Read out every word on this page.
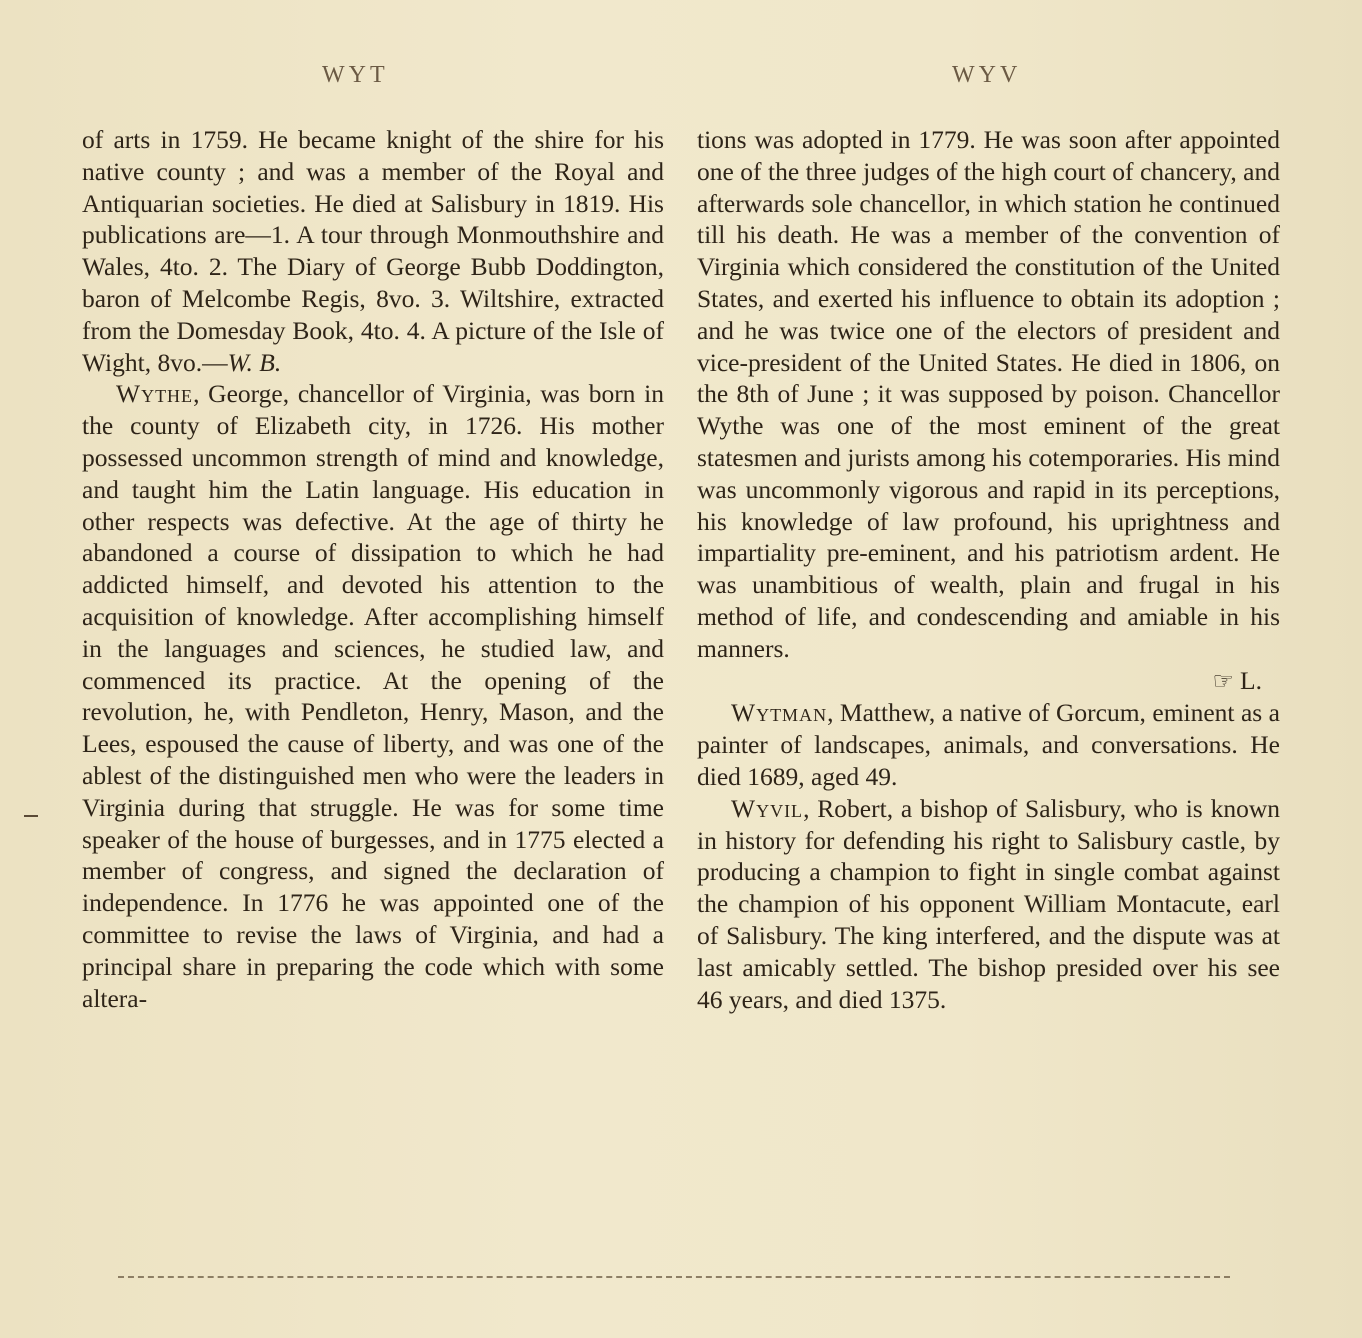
WYT	WYV

of arts in 1759. He became knight of the shire for his native county ; and was a member of the Royal and Antiquarian societies. He died at Salisbury in 1819. His publications are—1. A tour through Monmouthshire and Wales, 4to. 2. The Diary of George Bubb Doddington, baron of Melcombe Regis, 8vo. 3. Wiltshire, extracted from the Domesday Book, 4to. 4. A picture of the Isle of Wight, 8vo.—W. B.

Wythe, George, chancellor of Virginia, was born in the county of Elizabeth city, in 1726. His mother possessed uncommon strength of mind and knowledge, and taught him the Latin language. His education in other respects was defective. At the age of thirty he abandoned a course of dissipation to which he had addicted himself, and devoted his attention to the acquisition of knowledge. After accomplishing himself in the languages and sciences, he studied law, and commenced its practice. At the opening of the revolution, he, with Pendleton, Henry, Mason, and the Lees, espoused the cause of liberty, and was one of the ablest of the distinguished men who were the leaders in Virginia during that struggle. He was for some time speaker of the house of burgesses, and in 1775 elected a member of congress, and signed the declaration of independence. In 1776 he was appointed one of the committee to revise the laws of Virginia, and had a principal share in preparing the code which with some altera-

tions was adopted in 1779. He was soon after appointed one of the three judges of the high court of chancery, and afterwards sole chancellor, in which station he continued till his death. He was a member of the convention of Virginia which considered the constitution of the United States, and exerted his influence to obtain its adoption ; and he was twice one of the electors of president and vice-president of the United States. He died in 1806, on the 8th of June ; it was supposed by poison. Chancellor Wythe was one of the most eminent of the great statesmen and jurists among his cotemporaries. His mind was uncommonly vigorous and rapid in its perceptions, his knowledge of law profound, his uprightness and impartiality pre-eminent, and his patriotism ardent. He was unambitious of wealth, plain and frugal in his method of life, and condescending and amiable in his manners.

☞ L.

Wytman, Matthew, a native of Gorcum, eminent as a painter of landscapes, animals, and conversations. He died 1689, aged 49.

Wyvil, Robert, a bishop of Salisbury, who is known in history for defending his right to Salisbury castle, by producing a champion to fight in single combat against the champion of his opponent William Montacute, earl of Salisbury. The king interfered, and the dispute was at last amicably settled. The bishop presided over his see 46 years, and died 1375.
